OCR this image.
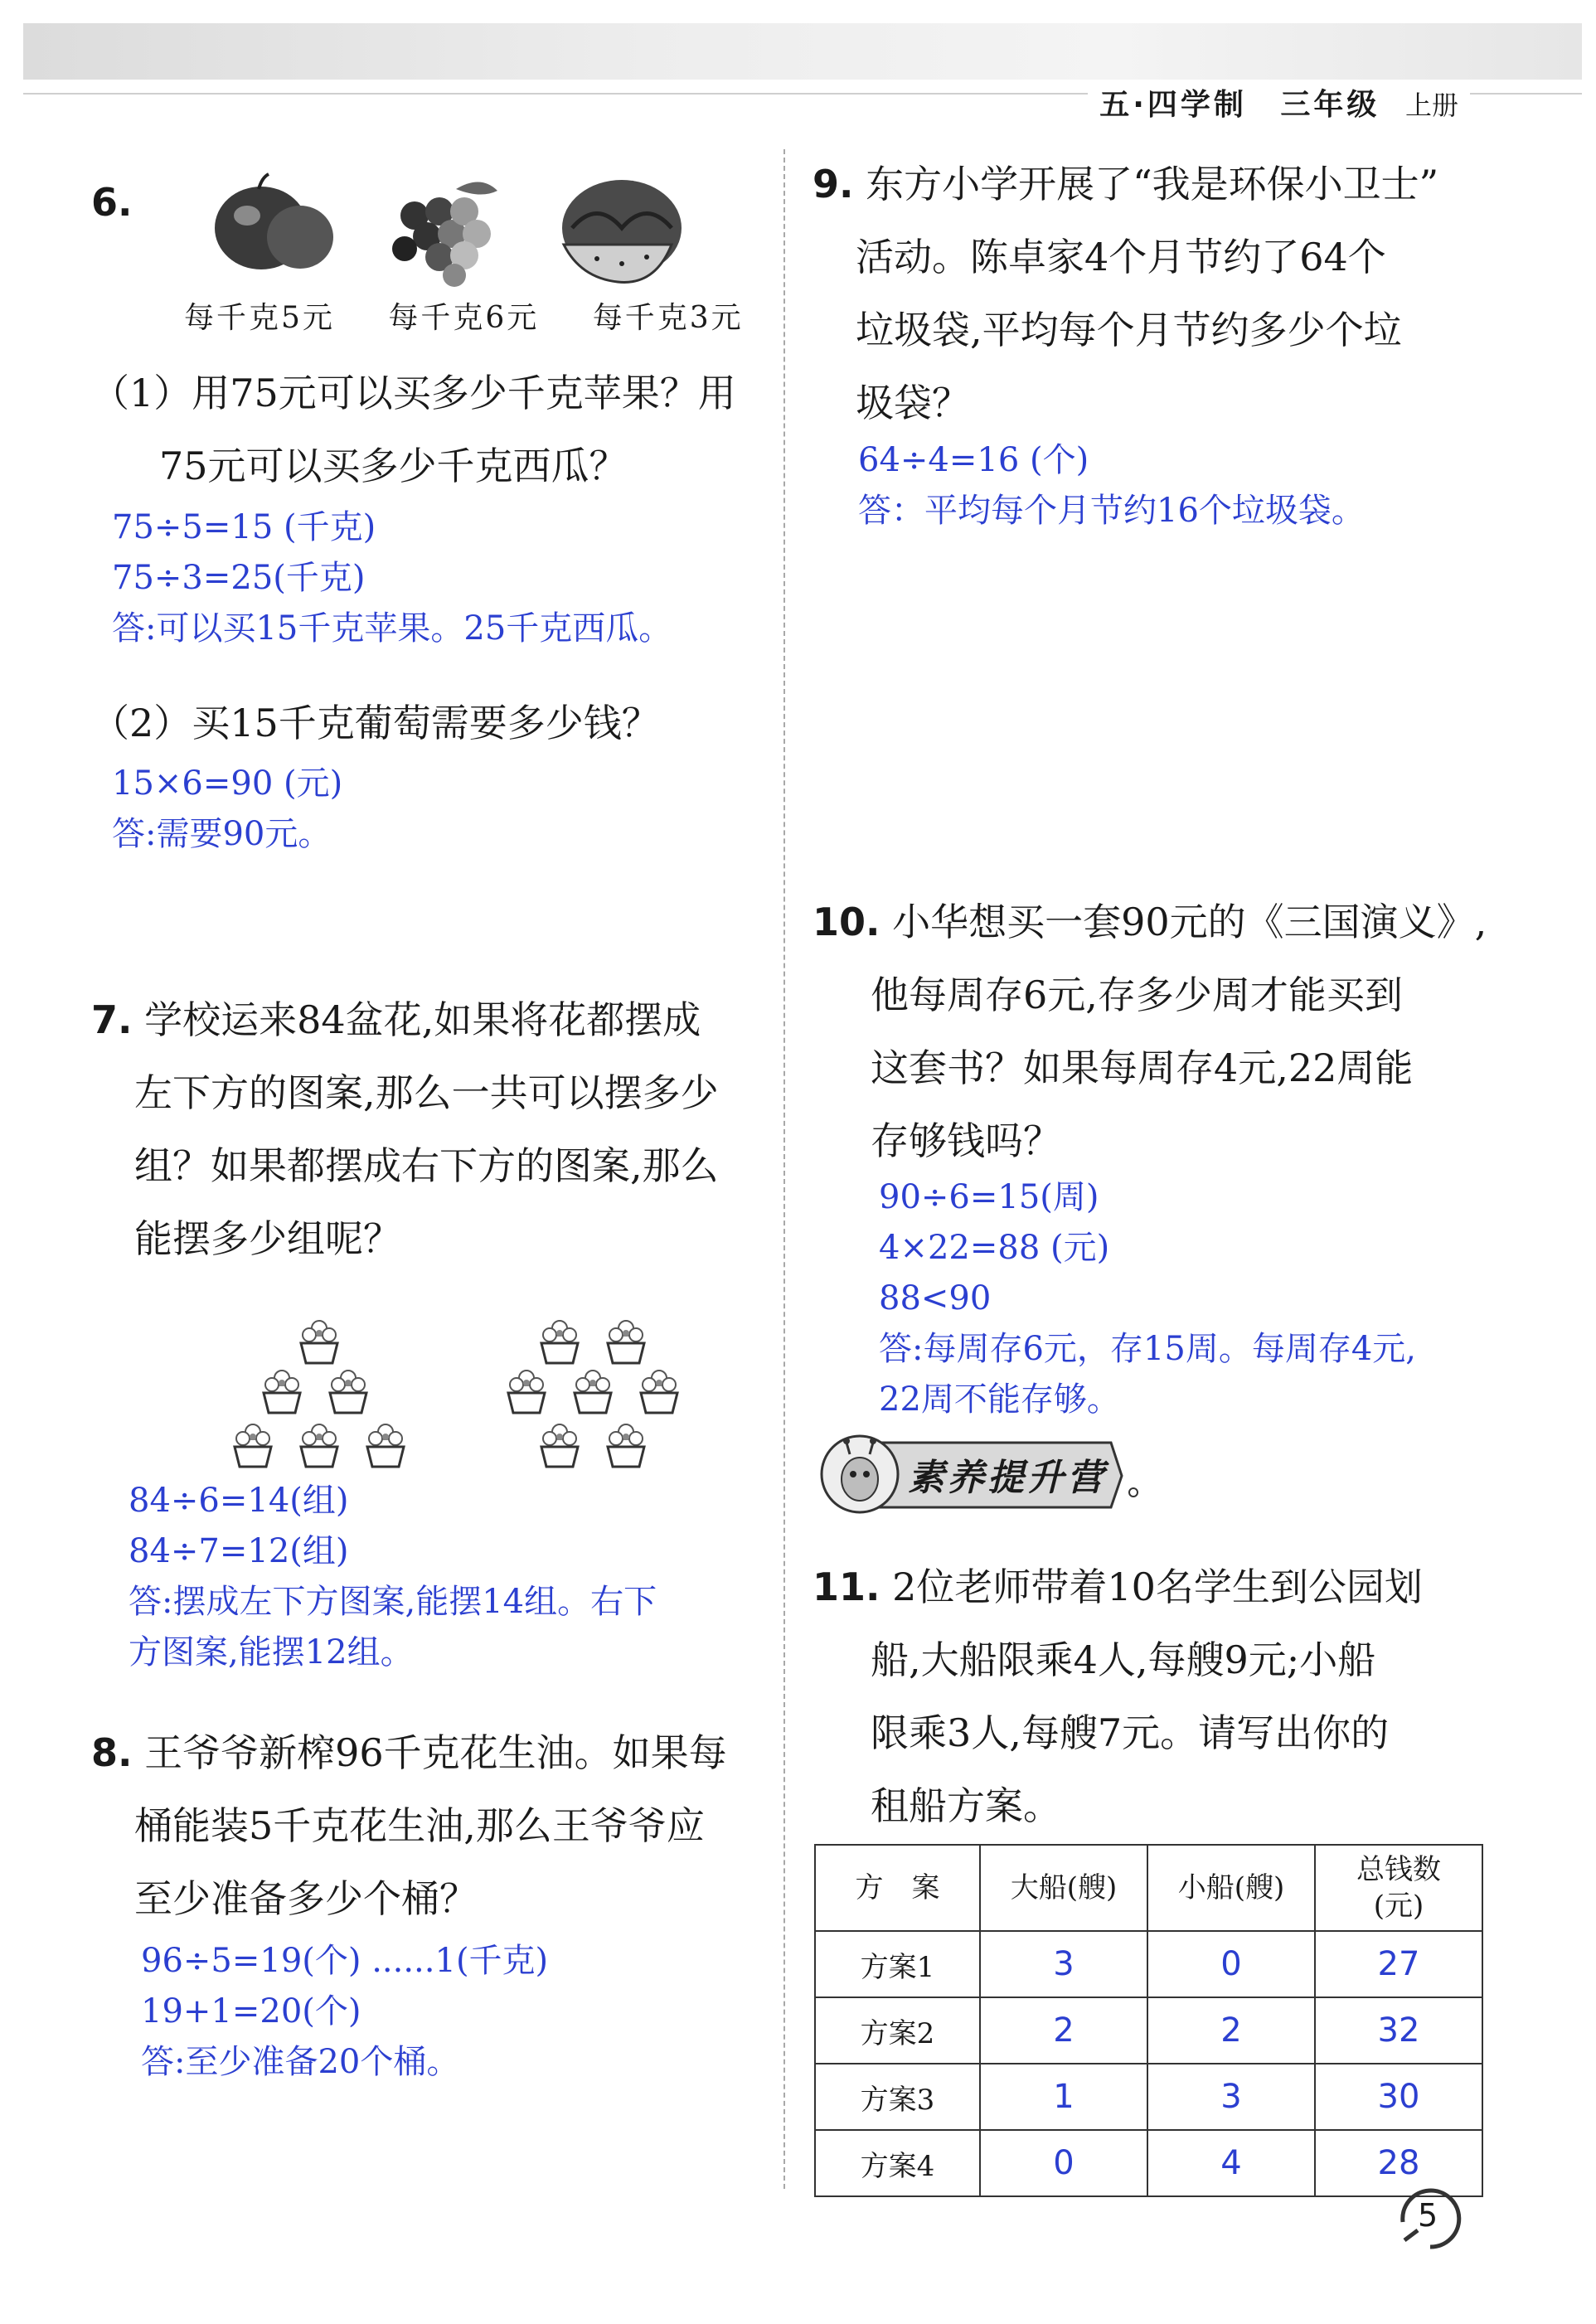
五·四学制 三年级 上册
6.
每千克5元 每千克6元 每千克3元
（1）用75元可以买多少千克苹果？用
75元可以买多少千克西瓜？
75÷5=15 (千克)
75÷3=25(千克)
答:可以买15千克苹果。25千克西瓜。
（2）买15千克葡萄需要多少钱？
15×6=90 (元)
答:需要90元。
7. 学校运来84盆花,如果将花都摆成
左下方的图案,那么一共可以摆多少
组？如果都摆成右下方的图案,那么
能摆多少组呢？
84÷6=14(组)
84÷7=12(组)
答:摆成左下方图案,能摆14组。右下
方图案,能摆12组。
8. 王爷爷新榨96千克花生油。如果每
桶能装5千克花生油,那么王爷爷应
至少准备多少个桶？
96÷5=19(个) ......1(千克)
19+1=20(个)
答:至少准备20个桶。
9. 东方小学开展了“我是环保小卫士”
活动。陈卓家4个月节约了64个
垃圾袋,平均每个月节约多少个垃
圾袋？
64÷4=16 (个)
答：平均每个月节约16个垃圾袋。
10. 小华想买一套90元的《三国演义》,
他每周存6元,存多少周才能买到
这套书？如果每周存4元,22周能
存够钱吗？
90÷6=15(周)
4×22=88 (元)
88<90
答:每周存6元，存15周。每周存4元,
22周不能存够。
素养提升营
11. 2位老师带着10名学生到公园划
船,大船限乘4人,每艘9元;小船
限乘3人,每艘7元。请写出你的
租船方案。
方　案	大船(艘)	小船(艘)	总钱数
(元)

方案1	3	0	27
方案2	2	2	32
方案3	1	3	30
方案4	0	4	28
5
